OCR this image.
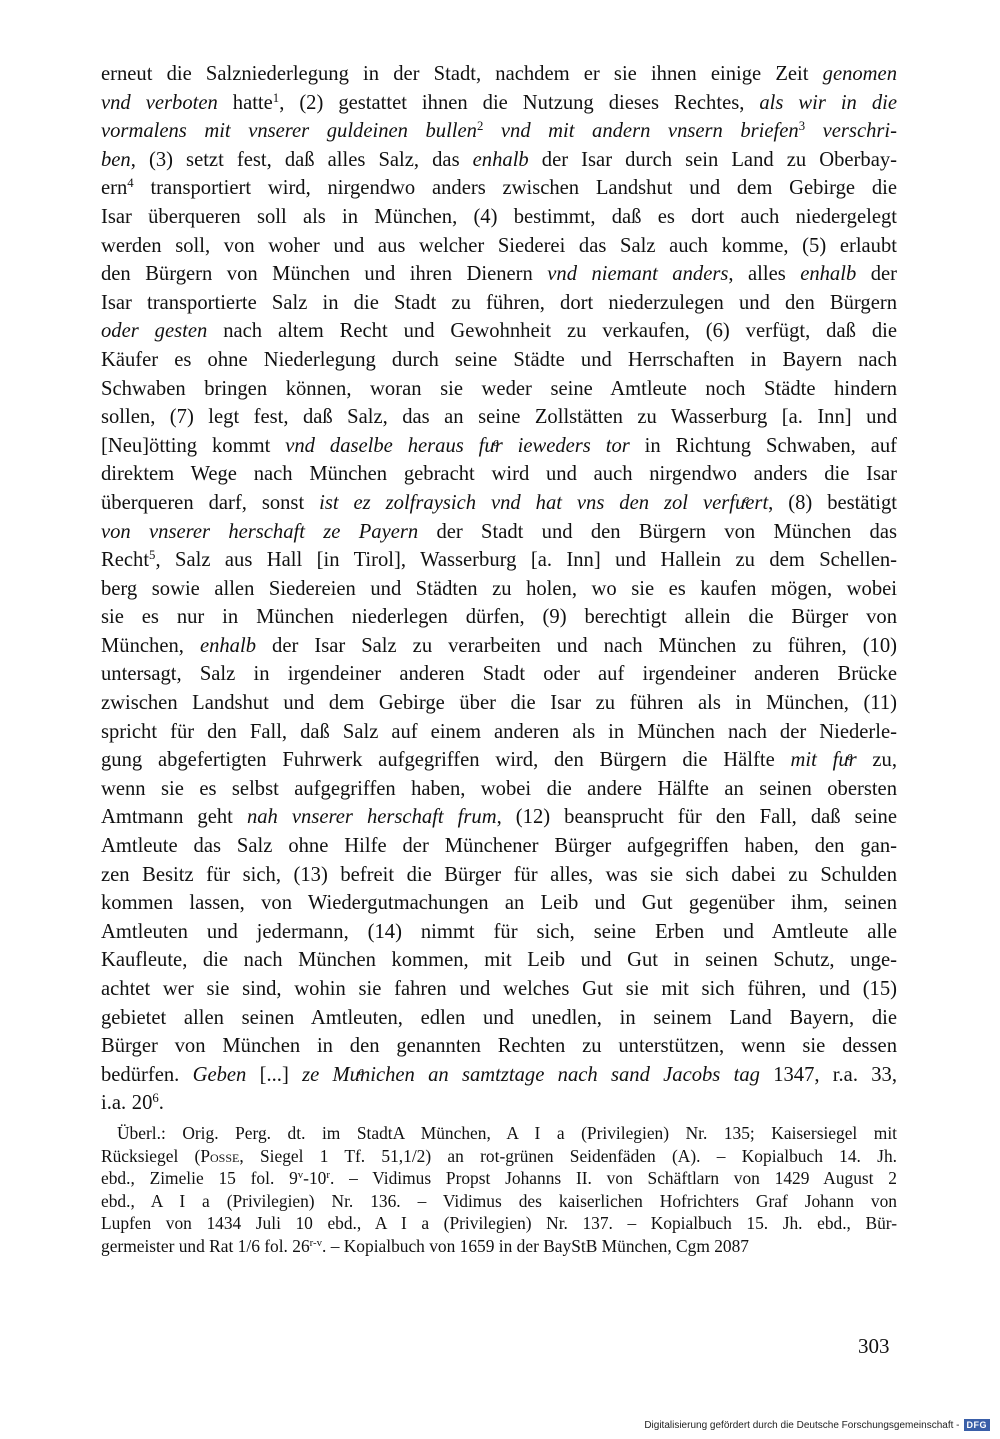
erneut die Salzniederlegung in der Stadt, nachdem er sie ihnen einige Zeit genomen
vnd verboten hatte$^1$, (2) gestattet ihnen die Nutzung dieses Rechtes, als wir in die
vormalens mit vnserer guldeinen bullen$^2$ vnd mit andern vnsern briefen$^3$ verschri-
ben, (3) setzt fest, daß alles Salz, das enhalb der Isar durch sein Land zu Oberbay-
ern$^4$ transportiert wird, nirgendwo anders zwischen Landshut und dem Gebirge die
Isar überqueren soll als in München, (4) bestimmt, daß es dort auch niedergelegt
werden soll, von woher und aus welcher Siederei das Salz auch komme, (5) erlaubt
den Bürgern von München und ihren Dienern vnd niemant anders, alles enhalb der
Isar transportierte Salz in die Stadt zu führen, dort niederzulegen und den Bürgern
oder gesten nach altem Recht und Gewohnheit zu verkaufen, (6) verfügt, daß die
Käufer es ohne Niederlegung durch seine Städte und Herrschaften in Bayern nach
Schwaben bringen können, woran sie weder seine Amtleute noch Städte hindern
sollen, (7) legt fest, daß Salz, das an seine Zollstätten zu Wasserburg [a. Inn] und
[Neu]ötting kommt vnd daselbe heraus fuͤr ieweders tor in Richtung Schwaben, auf
direktem Wege nach München gebracht wird und auch nirgendwo anders die Isar
überqueren darf, sonst ist ez zolfraysich vnd hat vns den zol verfuͤert, (8) bestätigt
von vnserer herschaft ze Payern der Stadt und den Bürgern von München das
Recht$^5$, Salz aus Hall [in Tirol], Wasserburg [a. Inn] und Hallein zu dem Schellen-
berg sowie allen Siedereien und Städten zu holen, wo sie es kaufen mögen, wobei
sie es nur in München niederlegen dürfen, (9) berechtigt allein die Bürger von
München, enhalb der Isar Salz zu verarbeiten und nach München zu führen, (10)
untersagt, Salz in irgendeiner anderen Stadt oder auf irgendeiner anderen Brücke
zwischen Landshut und dem Gebirge über die Isar zu führen als in München, (11)
spricht für den Fall, daß Salz auf einem anderen als in München nach der Niederle-
gung abgefertigten Fuhrwerk aufgegriffen wird, den Bürgern die Hälfte mit fuͤr zu,
wenn sie es selbst aufgegriffen haben, wobei die andere Hälfte an seinen obersten
Amtmann geht nah vnserer herschaft frum, (12) beansprucht für den Fall, daß seine
Amtleute das Salz ohne Hilfe der Münchener Bürger aufgegriffen haben, den gan-
zen Besitz für sich, (13) befreit die Bürger für alles, was sie sich dabei zu Schulden
kommen lassen, von Wiedergutmachungen an Leib und Gut gegenüber ihm, seinen
Amtleuten und jedermann, (14) nimmt für sich, seine Erben und Amtleute alle
Kaufleute, die nach München kommen, mit Leib und Gut in seinen Schutz, unge-
achtet wer sie sind, wohin sie fahren und welches Gut sie mit sich führen, und (15)
gebietet allen seinen Amtleuten, edlen und unedlen, in seinem Land Bayern, die
Bürger von München in den genannten Rechten zu unterstützen, wenn sie dessen
bedürfen. Geben [...] ze Muͤnichen an samtztage nach sand Jacobs tag 1347, r.a. 33,
i.a. $20^6$.
Überl.: Orig. Perg. dt. im StadtA München, A I a (Privilegien) Nr. 135; Kaisersiegel mit
Rücksiegel (Posse, Siegel 1 Tf. 51,1/2) an rot-grünen Seidenfäden (A). – Kopialbuch 14. Jh.
ebd., Zimelie 15 fol. 9$^v$-10$^r$. – Vidimus Propst Johanns II. von Schäftlarn von 1429 August 2
ebd., A I a (Privilegien) Nr. 136. – Vidimus des kaiserlichen Hofrichters Graf Johann von
Lupfen von 1434 Juli 10 ebd., A I a (Privilegien) Nr. 137. – Kopialbuch 15. Jh. ebd., Bür-
germeister und Rat 1/6 fol. 26$^{r-v}$. – Kopialbuch von 1659 in der BayStB München, Cgm 2087
303
Digitalisierung gefördert durch die Deutsche Forschungsgemeinschaft - DFG
